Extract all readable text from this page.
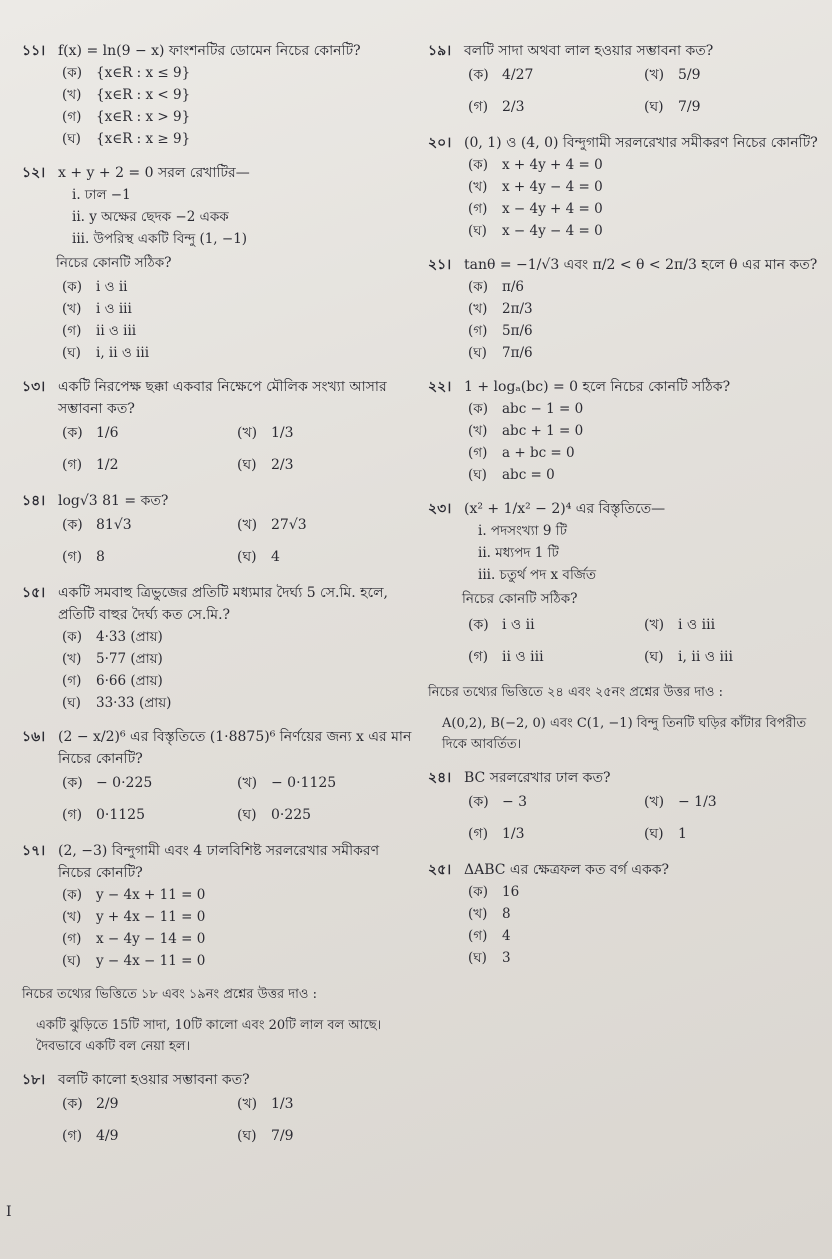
১১। f(x) = ln(9 − x) ফাংশনটির ডোমেন নিচের কোনটি?
(ক) {x∈R : x ≤ 9}
(খ) {x∈R : x < 9}
(গ) {x∈R : x > 9}
(ঘ) {x∈R : x ≥ 9}
১২। x + y + 2 = 0 সরল রেখাটির—
i. ঢাল −1
ii. y অক্ষের ছেদক −2 একক
iii. উপরিস্থ একটি বিন্দু (1, −1)
নিচের কোনটি সঠিক?
(ক) i ও ii
(খ) i ও iii
(গ) ii ও iii
(ঘ) i, ii ও iii
১৩। একটি নিরপেক্ষ ছক্কা একবার নিক্ষেপে মৌলিক সংখ্যা আসার সম্ভাবনা কত?
(ক) 1/6	(খ) 1/3
(গ) 1/2	(ঘ) 2/3
১৪। log√3 81 = কত?
(ক) 81√3	(খ) 27√3
(গ) 8	(ঘ) 4
১৫। একটি সমবাহু ত্রিভুজের প্রতিটি মধ্যমার দৈর্ঘ্য 5 সে.মি. হলে, প্রতিটি বাহুর দৈর্ঘ্য কত সে.মি.?
(ক) 4·33 (প্রায়)
(খ) 5·77 (প্রায়)
(গ) 6·66 (প্রায়)
(ঘ) 33·33 (প্রায়)
১৬। (2 − x/2)⁶ এর বিস্তৃতিতে (1·8875)⁶ নির্ণয়ের জন্য x এর মান নিচের কোনটি?
(ক) − 0·225	(খ) − 0·1125
(গ) 0·1125	(ঘ) 0·225
১৭। (2, −3) বিন্দুগামী এবং 4 ঢালবিশিষ্ট সরলরেখার সমীকরণ নিচের কোনটি?
(ক) y − 4x + 11 = 0
(খ) y + 4x − 11 = 0
(গ) x − 4y − 14 = 0
(ঘ) y − 4x − 11 = 0
নিচের তথ্যের ভিত্তিতে ১৮ এবং ১৯নং প্রশ্নের উত্তর দাও :
একটি ঝুড়িতে 15টি সাদা, 10টি কালো এবং 20টি লাল বল আছে। দৈবভাবে একটি বল নেয়া হল।
১৮। বলটি কালো হওয়ার সম্ভাবনা কত?
(ক) 2/9	(খ) 1/3
(গ) 4/9	(ঘ) 7/9
১৯। বলটি সাদা অথবা লাল হওয়ার সম্ভাবনা কত?
(ক) 4/27	(খ) 5/9
(গ) 2/3	(ঘ) 7/9
২০। (0, 1) ও (4, 0) বিন্দুগামী সরলরেখার সমীকরণ নিচের কোনটি?
(ক) x + 4y + 4 = 0
(খ) x + 4y − 4 = 0
(গ) x − 4y + 4 = 0
(ঘ) x − 4y − 4 = 0
২১। tanθ = −1/√3 এবং π/2 < θ < 2π/3 হলে θ এর মান কত?
(ক) π/6
(খ) 2π/3
(গ) 5π/6
(ঘ) 7π/6
২২। 1 + logₐ(bc) = 0 হলে নিচের কোনটি সঠিক?
(ক) abc − 1 = 0
(খ) abc + 1 = 0
(গ) a + bc = 0
(ঘ) abc = 0
২৩। (x² + 1/x² − 2)⁴ এর বিস্তৃতিতে—
i. পদসংখ্যা 9 টি
ii. মধ্যপদ 1 টি
iii. চতুর্থ পদ x বর্জিত
নিচের কোনটি সঠিক?
(ক) i ও ii	(খ) i ও iii
(গ) ii ও iii	(ঘ) i, ii ও iii
নিচের তথ্যের ভিত্তিতে ২৪ এবং ২৫নং প্রশ্নের উত্তর দাও :
A(0,2), B(−2, 0) এবং C(1, −1) বিন্দু তিনটি ঘড়ির কাঁটার বিপরীত দিকে আবর্তিত।
২৪। BC সরলরেখার ঢাল কত?
(ক) − 3	(খ) − 1/3
(গ) 1/3	(ঘ) 1
২৫। ΔABC এর ক্ষেত্রফল কত বর্গ একক?
(ক) 16
(খ) 8
(গ) 4
(ঘ) 3
I
